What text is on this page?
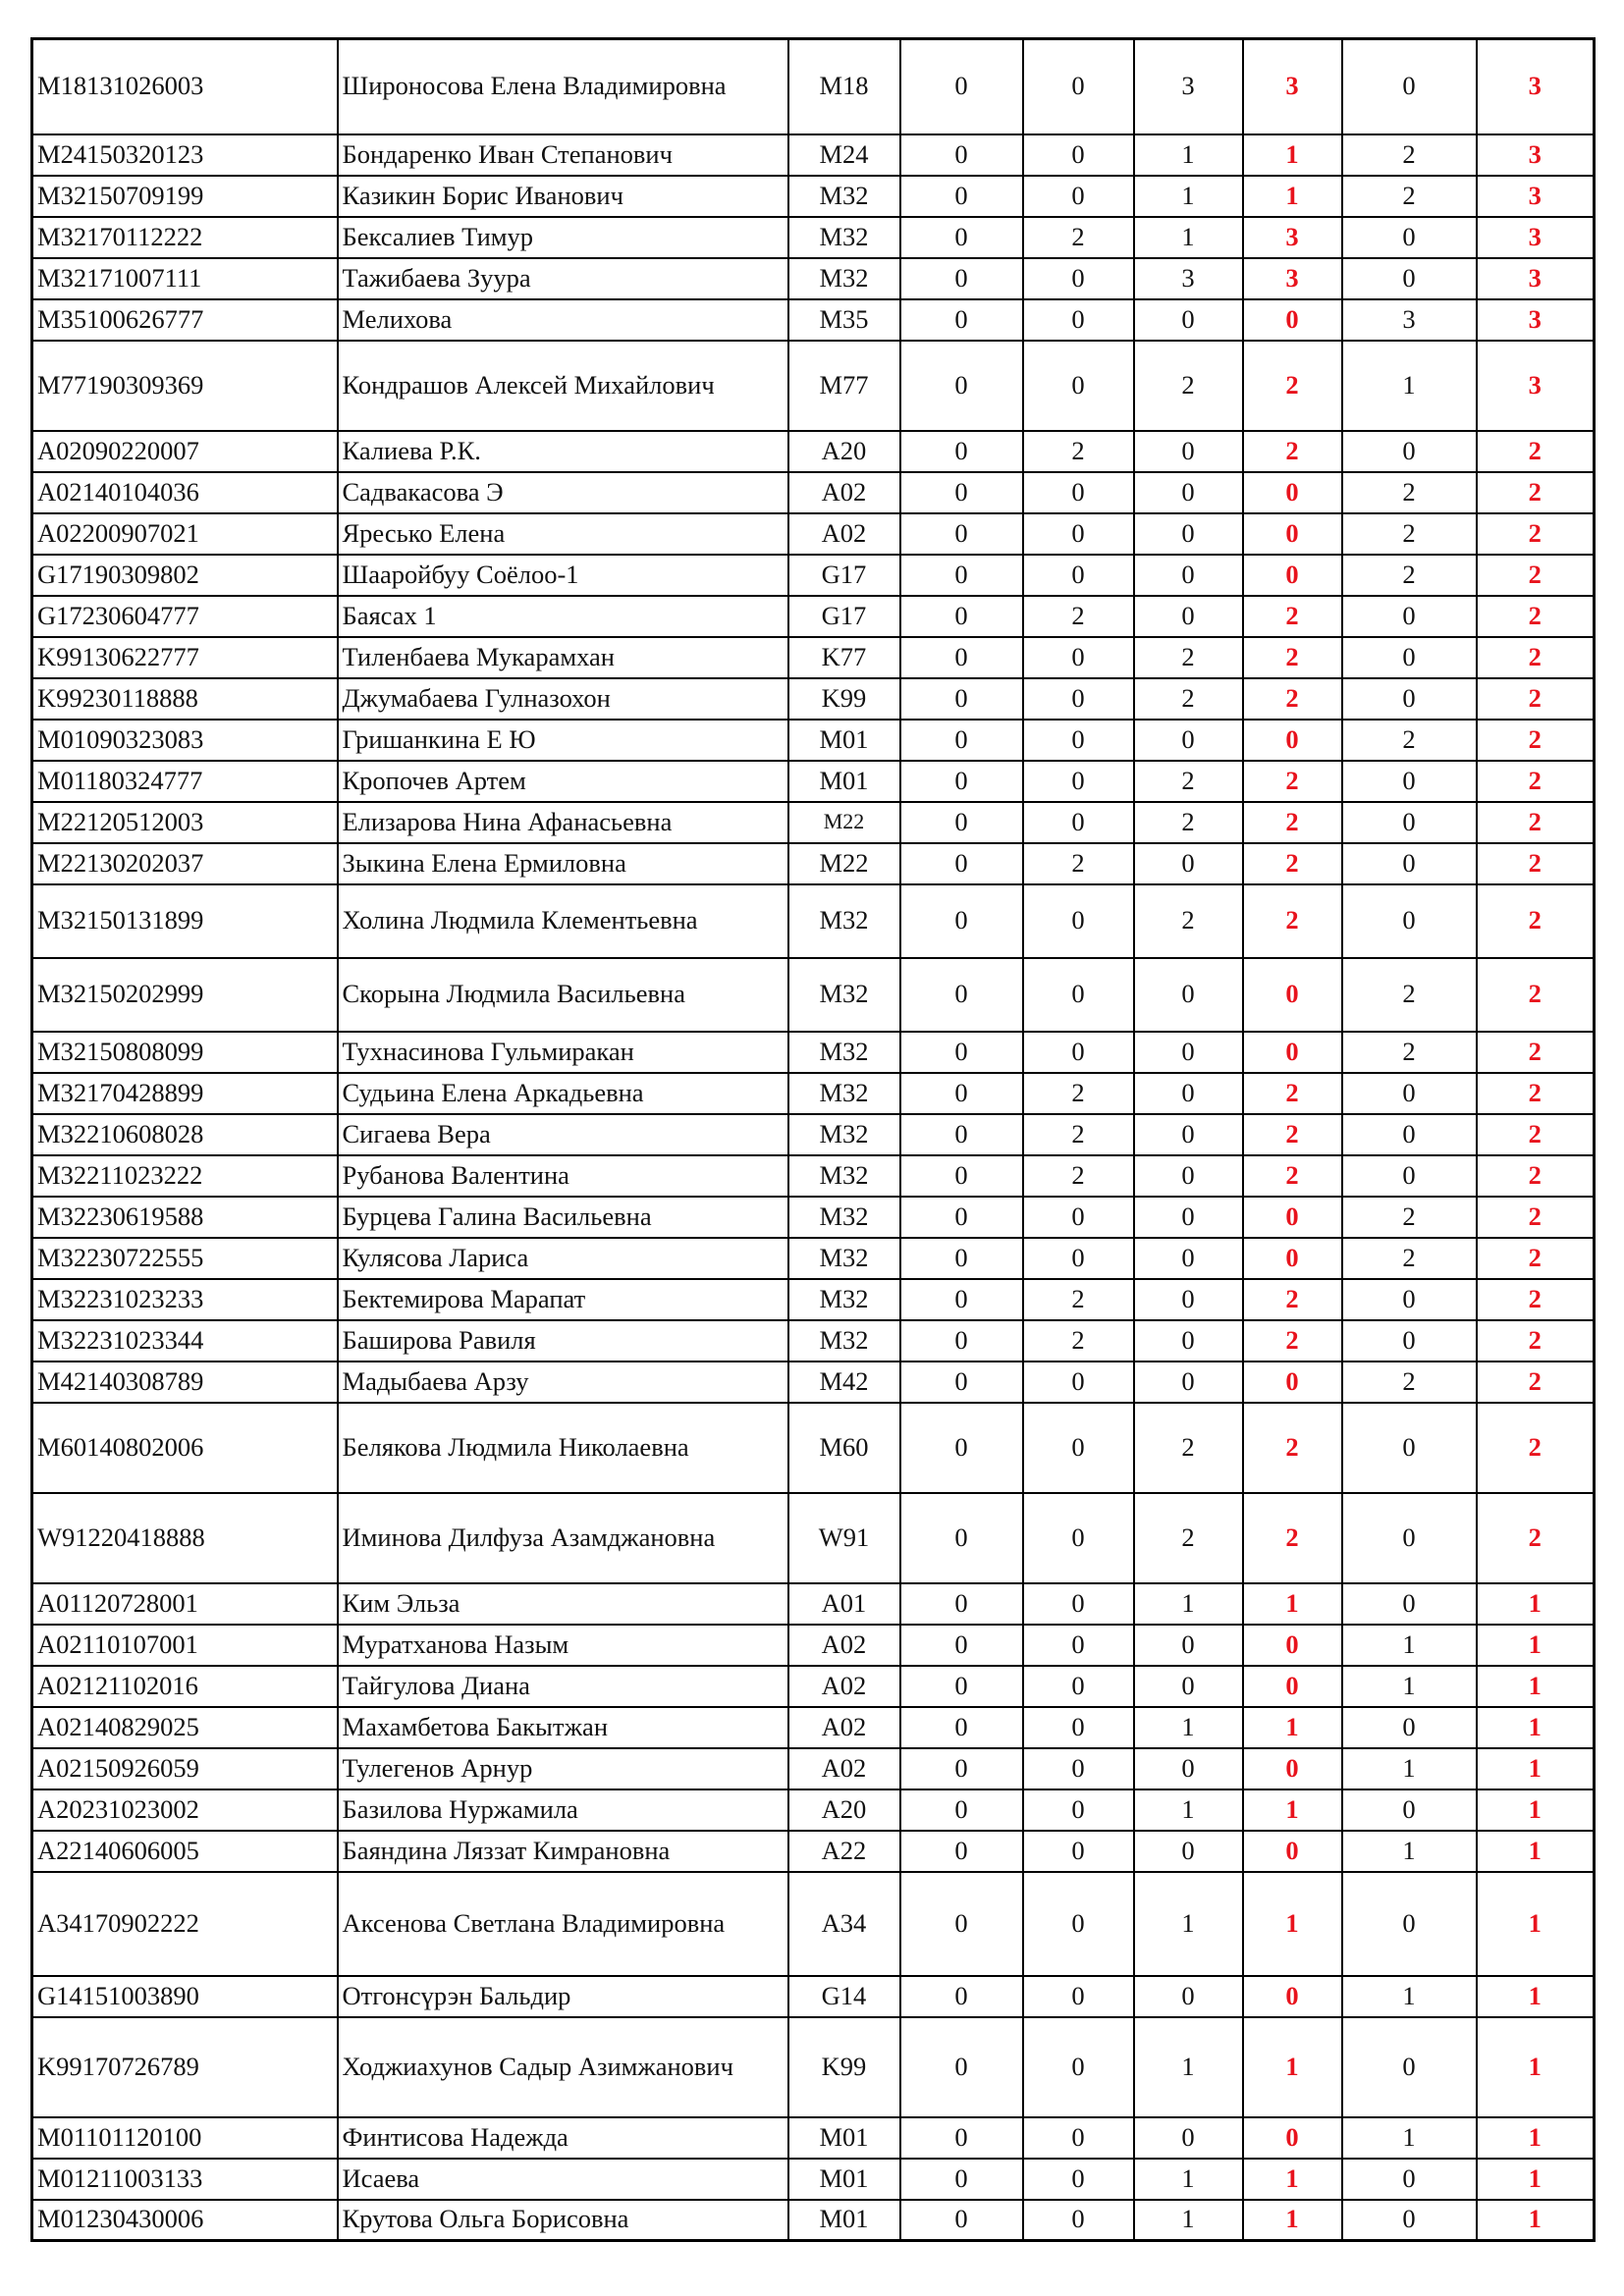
M18131026003	Широносова Елена Владимировна	M18	0	0	3	3	0	3
M24150320123	Бондаренко Иван Степанович	M24	0	0	1	1	2	3
M32150709199	Казикин Борис Иванович	M32	0	0	1	1	2	3
M32170112222	Бексалиев Тимур	M32	0	2	1	3	0	3
M32171007111	Тажибаева Зуура	M32	0	0	3	3	0	3
M35100626777	Мелихова	M35	0	0	0	0	3	3
M77190309369	Кондрашов Алексей Михайлович	M77	0	0	2	2	1	3
A02090220007	Калиева Р.К.	A20	0	2	0	2	0	2
A02140104036	Садвакасова Э	A02	0	0	0	0	2	2
A02200907021	Яресько Елена	A02	0	0	0	0	2	2
G17190309802	Шааройбуу Соёлоо-1	G17	0	0	0	0	2	2
G17230604777	Баясах 1	G17	0	2	0	2	0	2
K99130622777	Тиленбаева Мукарамхан	K77	0	0	2	2	0	2
K99230118888	Джумабаева Гулназохон	K99	0	0	2	2	0	2
M01090323083	Гришанкина Е Ю	M01	0	0	0	0	2	2
M01180324777	Кропочев Артем	M01	0	0	2	2	0	2
M22120512003	Елизарова Нина Афанасьевна	M22	0	0	2	2	0	2
M22130202037	Зыкина Елена Ермиловна	M22	0	2	0	2	0	2
M32150131899	Холина Людмила Клементьевна	M32	0	0	2	2	0	2
M32150202999	Скорына Людмила Васильевна	M32	0	0	0	0	2	2
M32150808099	Тухнасинова Гульмиракан	M32	0	0	0	0	2	2
M32170428899	Судьина Елена Аркадьевна	M32	0	2	0	2	0	2
M32210608028	Сигаева Вера	M32	0	2	0	2	0	2
M32211023222	Рубанова Валентина	M32	0	2	0	2	0	2
M32230619588	Бурцева Галина Васильевна	M32	0	0	0	0	2	2
M32230722555	Кулясова Лариса	M32	0	0	0	0	2	2
M32231023233	Бектемирова Марапат	M32	0	2	0	2	0	2
M32231023344	Баширова Равиля	M32	0	2	0	2	0	2
M42140308789	Мадыбаева Арзу	M42	0	0	0	0	2	2
M60140802006	Белякова Людмила Николаевна	M60	0	0	2	2	0	2
W91220418888	Иминова Дилфуза Азамджановна	W91	0	0	2	2	0	2
A01120728001	Ким Эльза	A01	0	0	1	1	0	1
A02110107001	Муратханова Назым	A02	0	0	0	0	1	1
A02121102016	Тайгулова Диана	A02	0	0	0	0	1	1
A02140829025	Махамбетова Бакытжан	A02	0	0	1	1	0	1
A02150926059	Тулегенов Арнур	A02	0	0	0	0	1	1
A20231023002	Базилова Нуржамила	A20	0	0	1	1	0	1
A22140606005	Баяндина Ляззат Кимрановна	A22	0	0	0	0	1	1
A34170902222	Аксенова Светлана Владимировна	A34	0	0	1	1	0	1
G14151003890	Отгонсүрэн Бальдир	G14	0	0	0	0	1	1
K99170726789	Ходжиахунов Садыр Азимжанович	K99	0	0	1	1	0	1
M01101120100	Финтисова Надежда	M01	0	0	0	0	1	1
M01211003133	Исаева	M01	0	0	1	1	0	1
M01230430006	Крутова Ольга Борисовна	M01	0	0	1	1	0	1
